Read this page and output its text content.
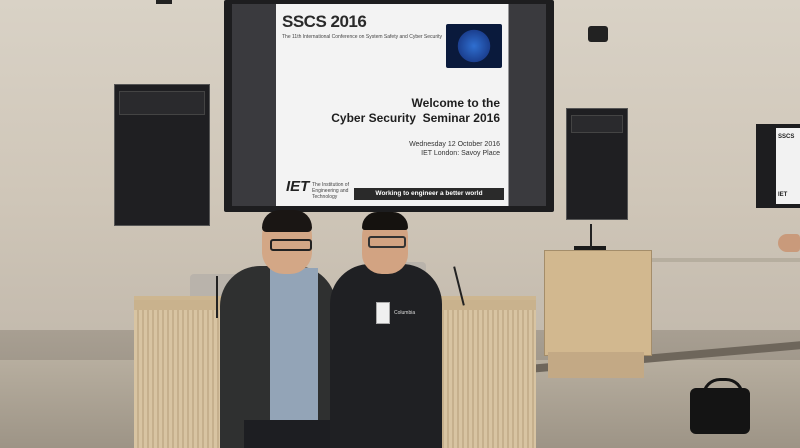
SSCS 2016
The 11th International Conference on System Safety and Cyber Security
Welcome to the
Cyber Security  Seminar 2016
Wednesday 12 October 2016
IET London: Savoy Place
IET The Institution of Engineering and Technology	Working to engineer a better world
SSCS
IET
Columbia
